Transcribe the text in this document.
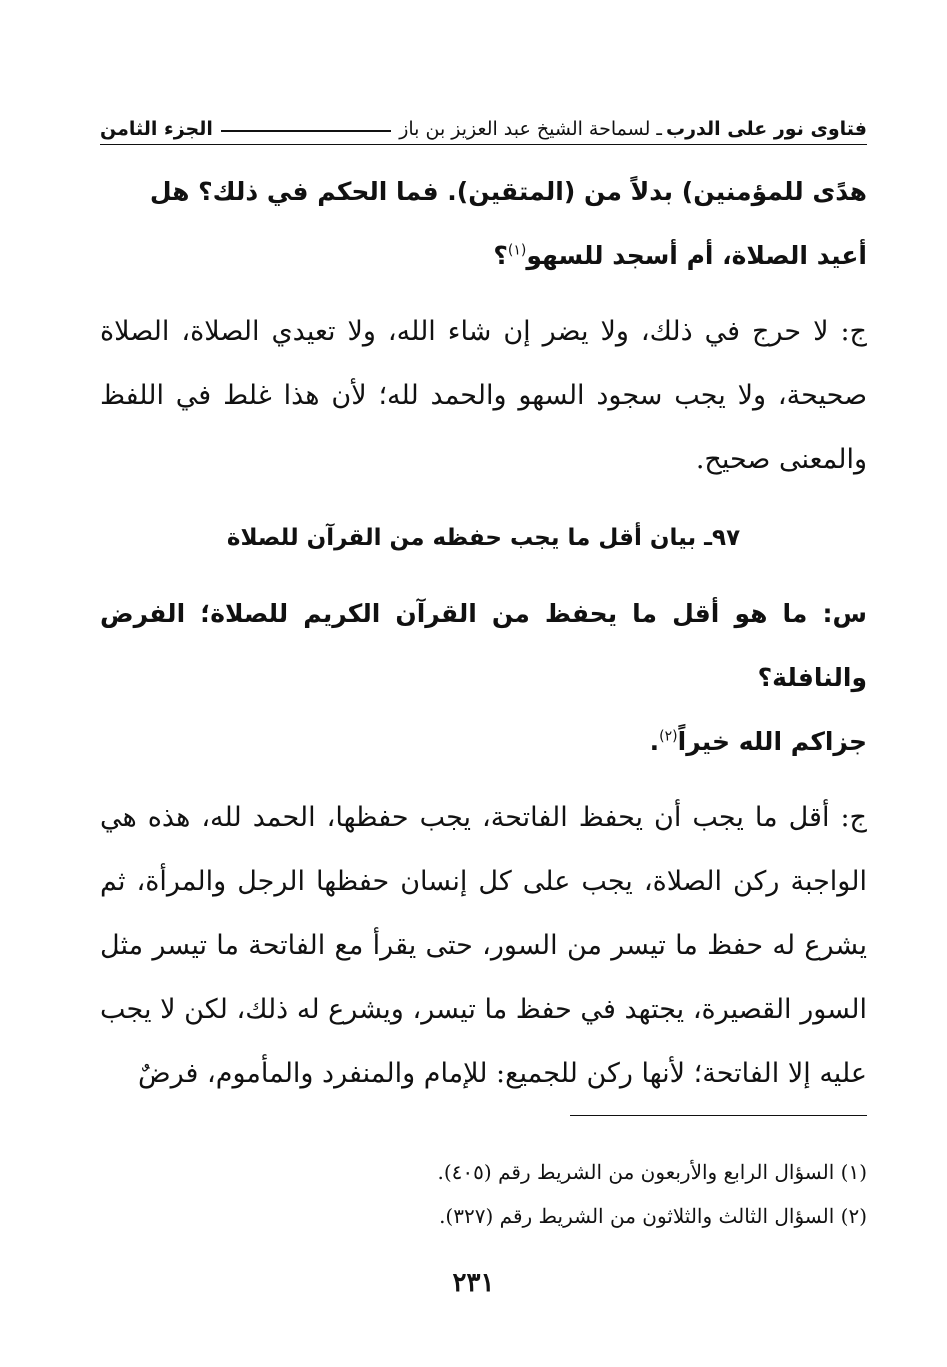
فتاوى نور على الدرب
ـ لسماحة الشيخ عبد العزيز بن باز
الجزء الثامن

هدًى للمؤمنين) بدلاً من (المتقين). فما الحكم في ذلك؟ هل
أعيد الصلاة، أم أسجد للسهو$^{(١)}$؟

ج: لا حرج في ذلك، ولا يضر إن شاء الله، ولا تعيدي الصلاة، الصلاة صحيحة، ولا يجب سجود السهو والحمد لله؛ لأن هذا غلط في اللفظ والمعنى صحيح.

٩٧ـ بيان أقل ما يجب حفظه من القرآن للصلاة

س: ما هو أقل ما يحفظ من القرآن الكريم للصلاة؛ الفرض والنافلة؟
جزاكم الله خيراً$^{(٢)}$.

ج: أقل ما يجب أن يحفظ الفاتحة، يجب حفظها، الحمد لله، هذه هي الواجبة ركن الصلاة، يجب على كل إنسان حفظها الرجل والمرأة، ثم يشرع له حفظ ما تيسر من السور، حتى يقرأ مع الفاتحة ما تيسر مثل السور القصيرة، يجتهد في حفظ ما تيسر، ويشرع له ذلك، لكن لا يجب عليه إلا الفاتحة؛ لأنها ركن للجميع: للإمام والمنفرد والمأموم، فرضٌ

(١) السؤال الرابع والأربعون من الشريط رقم (٤٠٥).
(٢) السؤال الثالث والثلاثون من الشريط رقم (٣٢٧).
٢٣١
